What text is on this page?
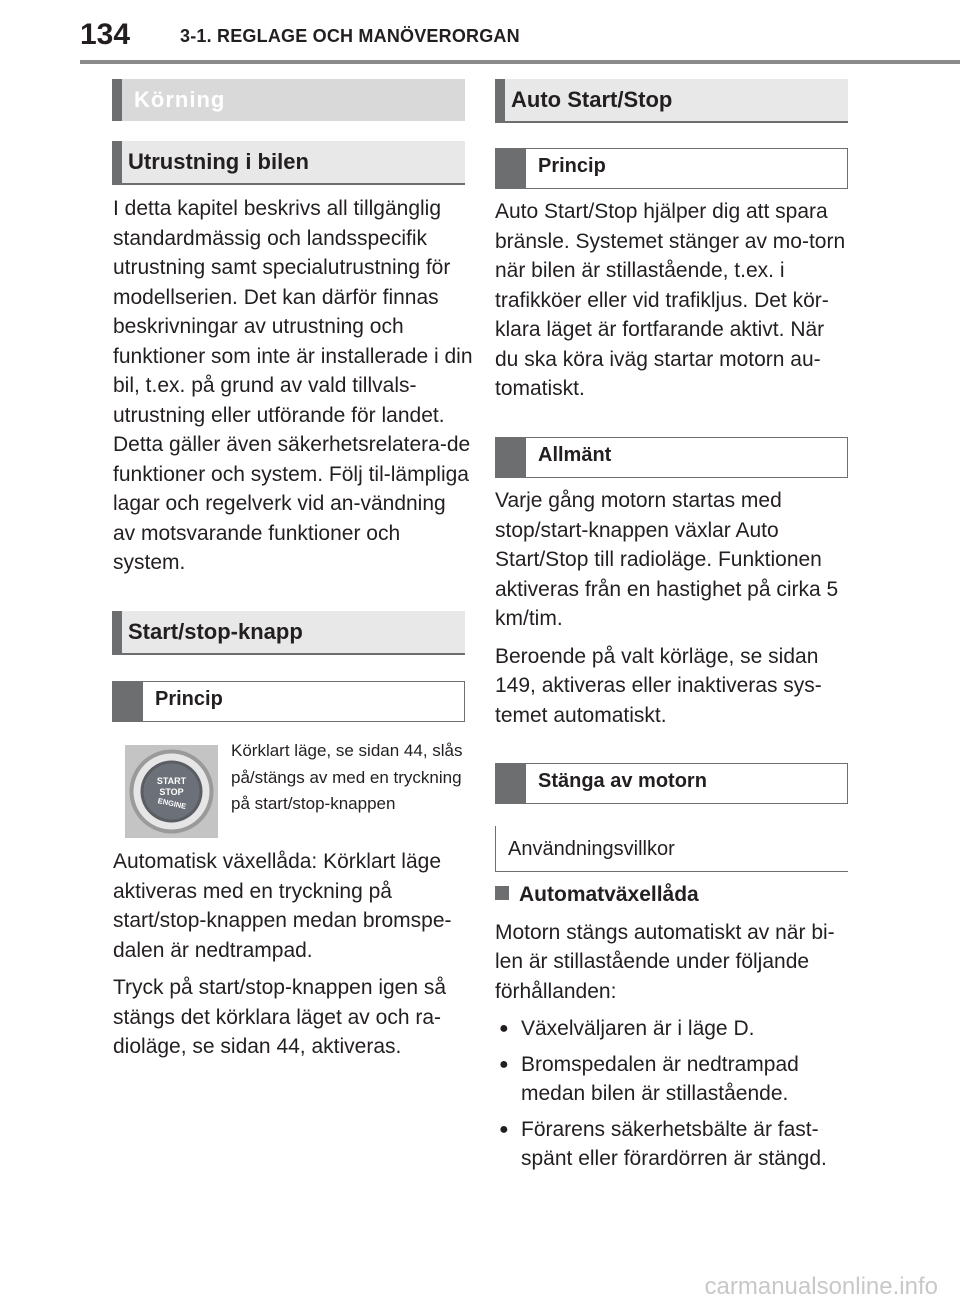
134	3-1. REGLAGE OCH MANÖVERORGAN
Körning
Utrustning i bilen

I detta kapitel beskrivs all tillgänglig standardmässig och landsspecifik utrustning samt specialutrustning för modellserien. Det kan därför finnas beskrivningar av utrustning och funktioner som inte är installerade i din bil, t.ex. på grund av vald tillvals-utrustning eller utförande för landet. Detta gäller även säkerhetsrelatera-de funktioner och system. Följ til-lämpliga lagar och regelverk vid an-vändning av motsvarande funktioner och system.

Start/stop-knapp
Princip
START
STOP
ENGINE

Körklart läge, se sidan 44, slås på/stängs av med en tryckning på start/stop-knappen

Automatisk växellåda: Körklart läge aktiveras med en tryckning på start/stop-knappen medan bromspe-dalen är nedtrampad.

Tryck på start/stop-knappen igen så stängs det körklara läget av och ra-dioläge, se sidan 44, aktiveras.

Auto Start/Stop
Princip

Auto Start/Stop hjälper dig att spara bränsle. Systemet stänger av mo-torn när bilen är stillastående, t.ex. i trafikköer eller vid trafikljus. Det kör-klara läget är fortfarande aktivt. När du ska köra iväg startar motorn au-tomatiskt.

Allmänt

Varje gång motorn startas med stop/start-knappen växlar Auto Start/Stop till radioläge. Funktionen aktiveras från en hastighet på cirka 5 km/tim.

Beroende på valt körläge, se sidan 149, aktiveras eller inaktiveras sys-temet automatiskt.

Stänga av motorn
Användningsvillkor

Automatväxellåda

Motorn stängs automatiskt av när bi-len är stillastående under följande förhållanden:

● Växelväljaren är i läge D.
● Bromspedalen är nedtrampad medan bilen är stillastående.
● Förarens säkerhetsbälte är fast-spänt eller förardörren är stängd.
carmanualsonline.info
